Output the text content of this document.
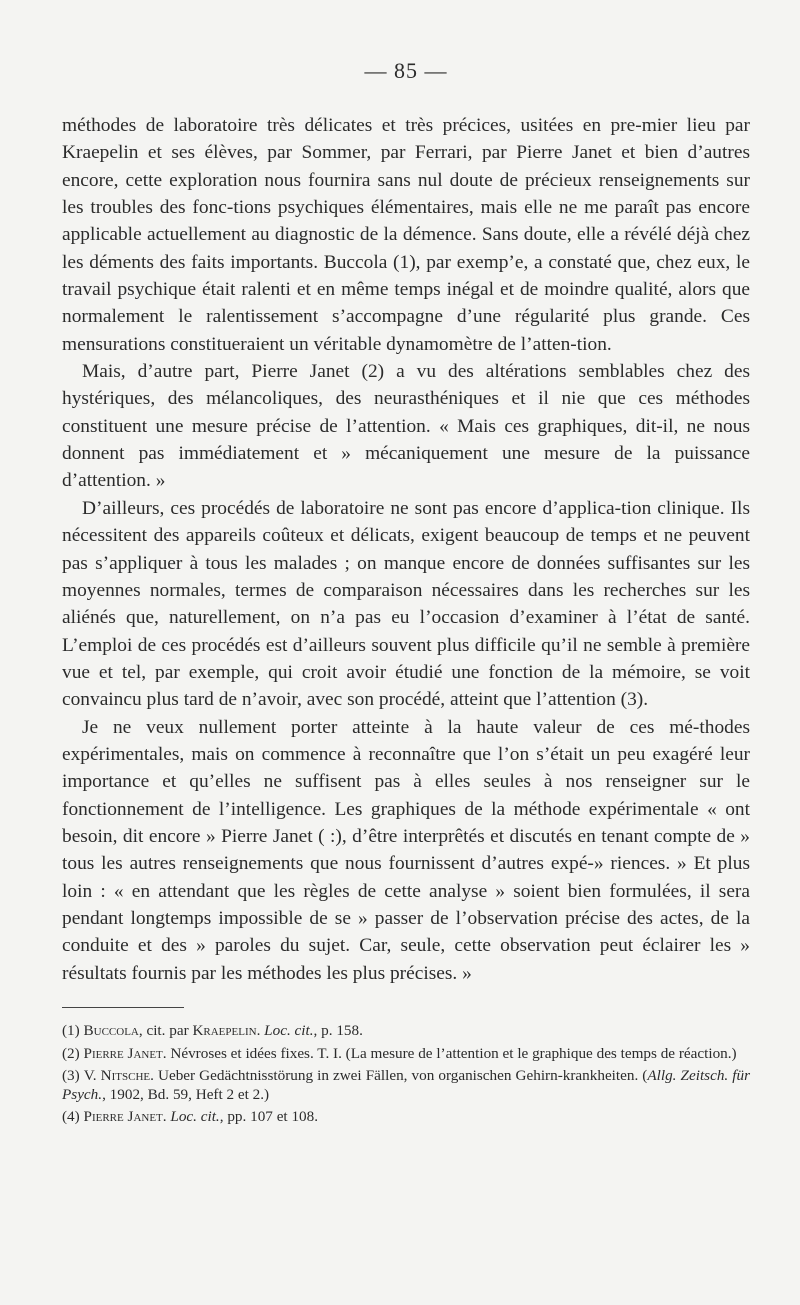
— 85 —

méthodes de laboratoire très délicates et très précices, usitées en pre-mier lieu par Kraepelin et ses élèves, par Sommer, par Ferrari, par Pierre Janet et bien d’autres encore, cette exploration nous fournira sans nul doute de précieux renseignements sur les troubles des fonc-tions psychiques élémentaires, mais elle ne me paraît pas encore applicable actuellement au diagnostic de la démence. Sans doute, elle a révélé déjà chez les déments des faits importants. Buccola (1), par exemp’e, a constaté que, chez eux, le travail psychique était ralenti et en même temps inégal et de moindre qualité, alors que normalement le ralentissement s’accompagne d’une régularité plus grande. Ces mensurations constitueraient un véritable dynamomètre de l’atten-tion.

Mais, d’autre part, Pierre Janet (2) a vu des altérations semblables chez des hystériques, des mélancoliques, des neurasthéniques et il nie que ces méthodes constituent une mesure précise de l’attention. « Mais ces graphiques, dit-il, ne nous donnent pas immédiatement et » mécaniquement une mesure de la puissance d’attention. »

D’ailleurs, ces procédés de laboratoire ne sont pas encore d’applica-tion clinique. Ils nécessitent des appareils coûteux et délicats, exigent beaucoup de temps et ne peuvent pas s’appliquer à tous les malades ; on manque encore de données suffisantes sur les moyennes normales, termes de comparaison nécessaires dans les recherches sur les aliénés que, naturellement, on n’a pas eu l’occasion d’examiner à l’état de santé. L’emploi de ces procédés est d’ailleurs souvent plus difficile qu’il ne semble à première vue et tel, par exemple, qui croit avoir étudié une fonction de la mémoire, se voit convaincu plus tard de n’avoir, avec son procédé, atteint que l’attention (3).

Je ne veux nullement porter atteinte à la haute valeur de ces mé-thodes expérimentales, mais on commence à reconnaître que l’on s’était un peu exagéré leur importance et qu’elles ne suffisent pas à elles seules à nos renseigner sur le fonctionnement de l’intelligence. Les graphiques de la méthode expérimentale « ont besoin, dit encore » Pierre Janet ( :), d’être interprêtés et discutés en tenant compte de » tous les autres renseignements que nous fournissent d’autres expé-» riences. » Et plus loin : « en attendant que les règles de cette analyse » soient bien formulées, il sera pendant longtemps impossible de se » passer de l’observation précise des actes, de la conduite et des » paroles du sujet. Car, seule, cette observation peut éclairer les » résultats fournis par les méthodes les plus précises. »

(1) Buccola, cit. par Kraepelin. Loc. cit., p. 158.

(2) Pierre Janet. Névroses et idées fixes. T. I. (La mesure de l’attention et le graphique des temps de réaction.)

(3) V. Nitsche. Ueber Gedächtnisstörung in zwei Fällen, von organischen Gehirn-krankheiten. (Allg. Zeitsch. für Psych., 1902, Bd. 59, Heft 2 et 2.)

(4) Pierre Janet. Loc. cit., pp. 107 et 108.
